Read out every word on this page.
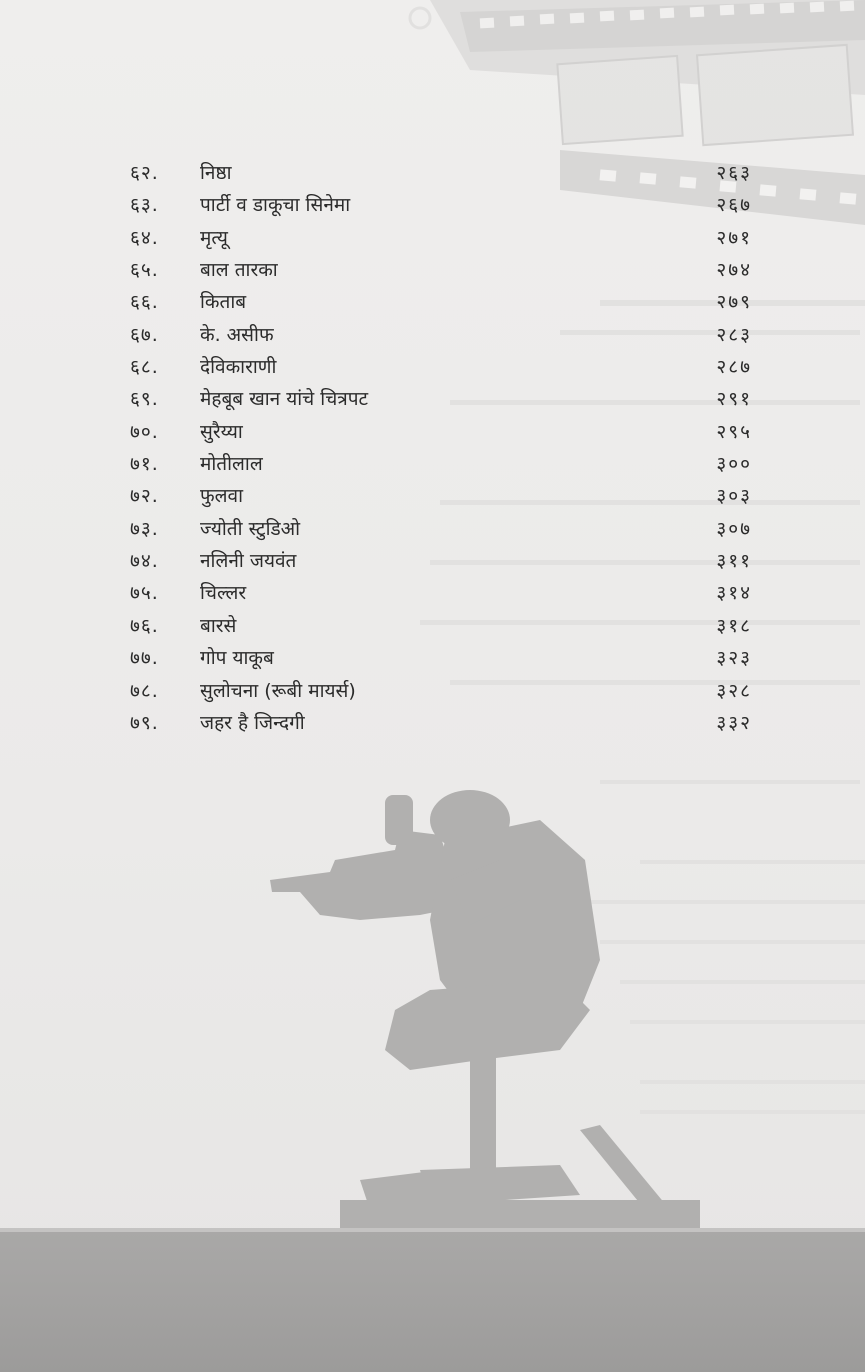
६२.	निष्ठा	२६३
६३.	पार्टी व डाकूचा सिनेमा	२६७
६४.	मृत्यू	२७१
६५.	बाल तारका	२७४
६६.	किताब	२७९
६७.	के. असीफ	२८३
६८.	देविकाराणी	२८७
६९.	मेहबूब खान यांचे चित्रपट	२९१
७०.	सुरैय्या	२९५
७१.	मोतीलाल	३००
७२.	फुलवा	३०३
७३.	ज्योती स्टुडिओ	३०७
७४.	नलिनी जयवंत	३११
७५.	चिल्लर	३१४
७६.	बारसे	३१८
७७.	गोप याकूब	३२३
७८.	सुलोचना (रूबी मायर्स)	३२८
७९.	जहर है जिन्दगी	३३२
